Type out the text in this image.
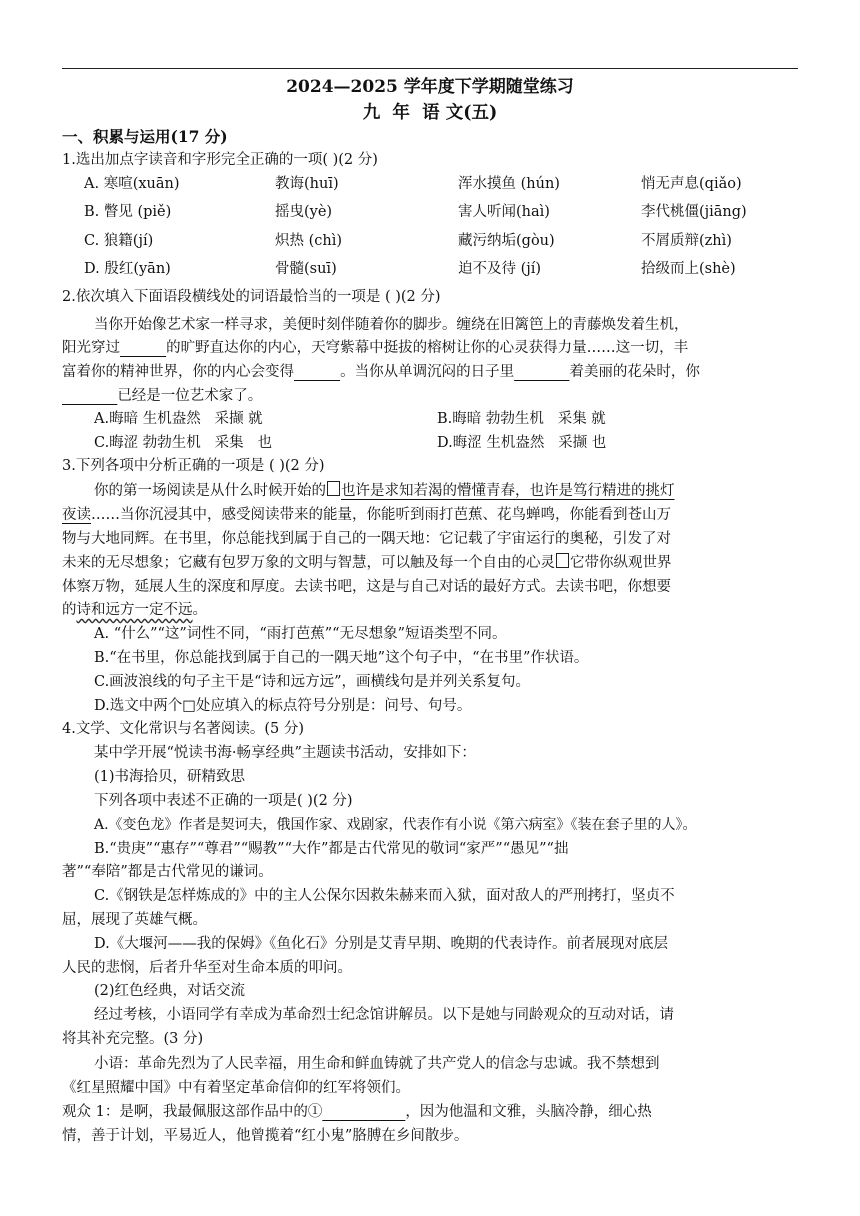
2024—2025 学年度下学期随堂练习
九  年  语 文(五)
一、积累与运用(17 分)
1.选出加点字读音和字形完全正确的一项( )(2 分)
A. 寒喧(xuān)	教诲(huī)	浑水摸鱼 (hún)	悄无声息(qiǎo)
B. 瞥见 (piě)	摇曳(yè)	害人听闻(haì)	李代桃僵(jiāng)
C. 狼籍(jí)	炽热 (chì)	藏污纳垢(gòu)	不屑质辩(zhì)
D. 殷红(yān)	骨髓(suī)	迫不及待 (jí)	拾级而上(shè)
2.依次填入下面语段横线处的词语最恰当的一项是 ( )(2 分)
当你开始像艺术家一样寻求，美便时刻伴随着你的脚步。缠绕在旧篱笆上的青藤焕发着生机，
阳光穿过	的旷野直达你的内心，天穹紫幕中挺拔的榕树让你的心灵获得力量……这一切，丰
富着你的精神世界，你的内心会变得	。当你从单调沉闷的日子里	着美丽的花朵时，你
已经是一位艺术家了。
A.晦暗 生机盎然   采撷 就	B.晦暗 勃勃生机   采集 就
C.晦涩 勃勃生机   采集   也	D.晦涩 生机盎然   采撷 也
3.下列各项中分析正确的一项是 ( )(2 分)
你的第一场阅读是从什么时候开始的 也许是求知若渴的懵懂青春，也许是笃行精进的挑灯
夜读……当你沉浸其中，感受阅读带来的能量，你能听到雨打芭蕉、花鸟蝉鸣，你能看到苍山万
物与大地同辉。在书里，你总能找到属于自己的一隅天地：它记载了宇宙运行的奥秘，引发了对
未来的无尽想象；它藏有包罗万象的文明与智慧，可以触及每一个自由的心灵 它带你纵观世界
体察万物，延展人生的深度和厚度。去读书吧，这是与自己对话的最好方式。去读书吧，你想要
的诗和远方一定不远。
A. “什么”“这”词性不同，“雨打芭蕉”“无尽想象”短语类型不同。
B.“在书里，你总能找到属于自己的一隅天地”这个句子中，“在书里”作状语。
C.画波浪线的句子主干是“诗和远方远”，画横线句是并列关系复句。
D.选文中两个□处应填入的标点符号分别是：问号、句号。
4.文学、文化常识与名著阅读。(5 分)
某中学开展“悦读书海·畅享经典”主题读书活动，安排如下：
(1)书海拾贝，研精致思
下列各项中表述不正确的一项是( )(2 分)
A.《变色龙》作者是契诃夫，俄国作家、戏剧家，代表作有小说《第六病室》《装在套子里的人》。
B.“贵庚”“惠存”“尊君”“赐教”“大作”都是古代常见的敬词“家严”“愚见”“拙
著”“奉陪”都是古代常见的谦词。
C.《钢铁是怎样炼成的》中的主人公保尔因救朱赫来而入狱，面对敌人的严刑拷打，坚贞不
屈，展现了英雄气概。
D.《大堰河——我的保姆》《鱼化石》分别是艾青早期、晚期的代表诗作。前者展现对底层
人民的悲悯，后者升华至对生命本质的叩问。
(2)红色经典，对话交流
经过考核，小语同学有幸成为革命烈士纪念馆讲解员。以下是她与同龄观众的互动对话，请
将其补充完整。(3 分)
小语：革命先烈为了人民幸福，用生命和鲜血铸就了共产党人的信念与忠诚。我不禁想到
《红星照耀中国》中有着坚定革命信仰的红军将领们。
观众 1：是啊，我最佩服这部作品中的①	，因为他温和文雅，头脑冷静，细心热
情，善于计划，平易近人，他曾揽着“红小鬼”胳膊在乡间散步。
